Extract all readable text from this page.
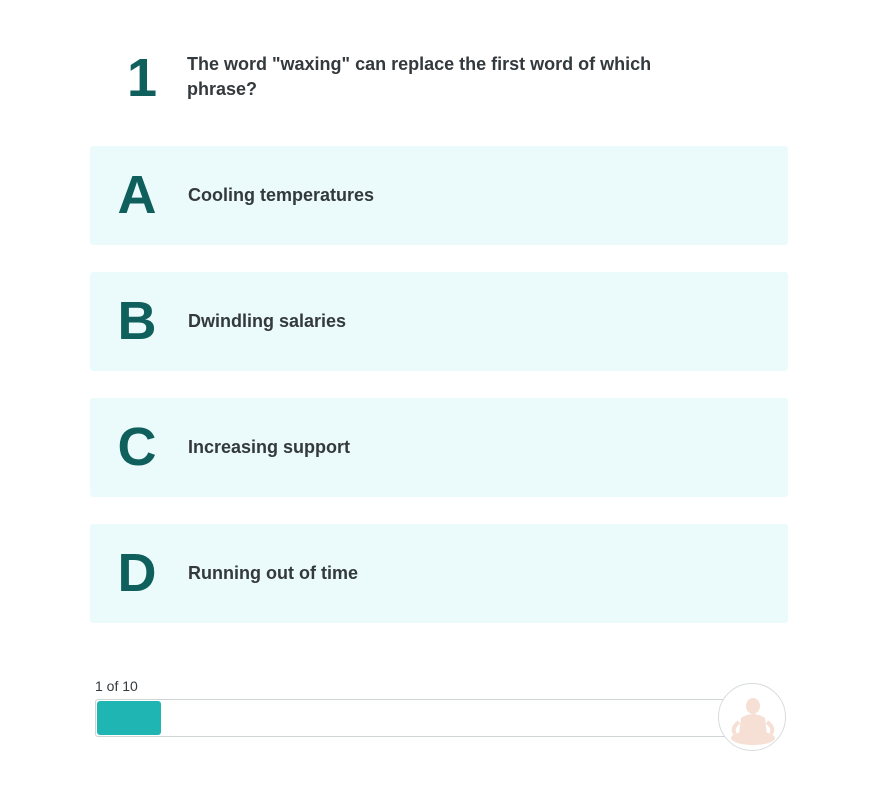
1 The word "waxing" can replace the first word of which phrase?
A Cooling temperatures
B Dwindling salaries
C Increasing support
D Running out of time
1 of 10
